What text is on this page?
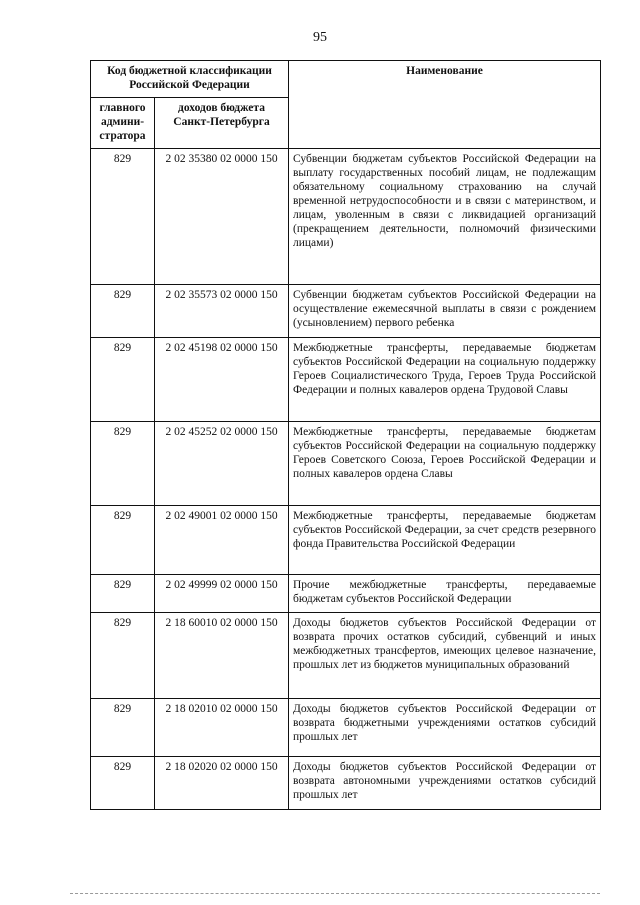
95
Код бюджетной классификации Российской Федерации		Наименование
главного админи-стратора	доходов бюджета Санкт-Петербурга	
829	2 02 35380 02 0000 150	Субвенции бюджетам субъектов Российской Федерации на выплату государственных пособий лицам, не подлежащим обязательному социальному страхованию на случай временной нетрудоспособности и в связи с материнством, и лицам, уволенным в связи с ликвидацией организаций (прекращением деятельности, полномочий физическими лицами)
829	2 02 35573 02 0000 150	Субвенции бюджетам субъектов Российской Федерации на осуществление ежемесячной выплаты в связи с рождением (усыновлением) первого ребенка
829	2 02 45198 02 0000 150	Межбюджетные трансферты, передаваемые бюджетам субъектов Российской Федерации на социальную поддержку Героев Социалистического Труда, Героев Труда Российской Федерации и полных кавалеров ордена Трудовой Славы
829	2 02 45252 02 0000 150	Межбюджетные трансферты, передаваемые бюджетам субъектов Российской Федерации на социальную поддержку Героев Советского Союза, Героев Российской Федерации и полных кавалеров ордена Славы
829	2 02 49001 02 0000 150	Межбюджетные трансферты, передаваемые бюджетам субъектов Российской Федерации, за счет средств резервного фонда Правительства Российской Федерации
829	2 02 49999 02 0000 150	Прочие межбюджетные трансферты, передаваемые бюджетам субъектов Российской Федерации
829	2 18 60010 02 0000 150	Доходы бюджетов субъектов Российской Федерации от возврата прочих остатков субсидий, субвенций и иных межбюджетных трансфертов, имеющих целевое назначение, прошлых лет из бюджетов муниципальных образований
829	2 18 02010 02 0000 150	Доходы бюджетов субъектов Российской Федерации от возврата бюджетными учреждениями остатков субсидий прошлых лет
829	2 18 02020 02 0000 150	Доходы бюджетов субъектов Российской Федерации от возврата автономными учреждениями остатков субсидий прошлых лет
